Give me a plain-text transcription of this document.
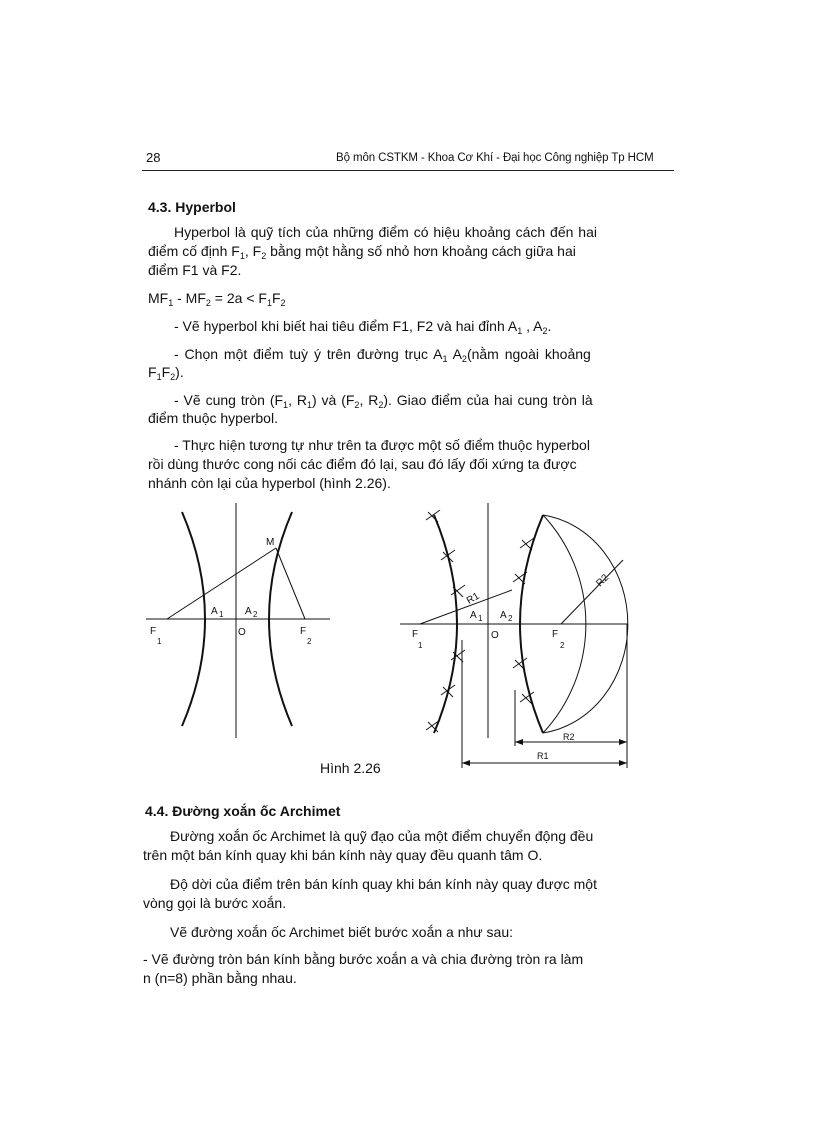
28	Bộ môn CSTKM - Khoa Cơ Khí - Đại học Công nghiệp Tp HCM
4.3. Hyperbol
Hyperbol là quỹ tích của những điểm có hiệu khoảng cách đến hai
điểm cố định $F_1$, $F_2$ bằng một hằng số nhỏ hơn khoảng cách giữa hai
điểm F1 và F2.
$MF_1 - MF_2 = 2a < F_1F_2$
- Vẽ hyperbol khi biết hai tiêu điểm F1, F2 và hai đỉnh $A_1$ , $A_2$.
- Chọn một điểm tuỳ ý trên đường trục $A_1$ $A_2(nằm$ ngoài khoảng
$F_1F_2$).
- Vẽ cung tròn ($F_1$, $R_1$) và ($F_2$, $R_2$). Giao điểm của hai cung tròn là
điểm thuộc hyperbol.
- Thực hiện tương tự như trên ta được một số điểm thuộc hyperbol
rồi dùng thước cong nối các điểm đó lại, sau đó lấy đối xứng ta được
nhánh còn lại của hyperbol (hình 2.26).
M
F
1
F
2
A 1 A 2
O
R1
R2
F
1
F
2
A 1 A 2
O
R2
R1
Hình 2.26
4.4. Đường xoắn ốc Archimet
Đường xoắn ốc Archimet là quỹ đạo của một điểm chuyển động đều
trên một bán kính quay khi bán kính này quay đều quanh tâm O.
Độ dời của điểm trên bán kính quay khi bán kính này quay được một
vòng gọi là bước xoắn.
Vẽ đường xoắn ốc Archimet biết bước xoắn a như sau:
- Vẽ đường tròn bán kính bằng bước xoắn a và chia đường tròn ra làm
n (n=8) phần bằng nhau.
